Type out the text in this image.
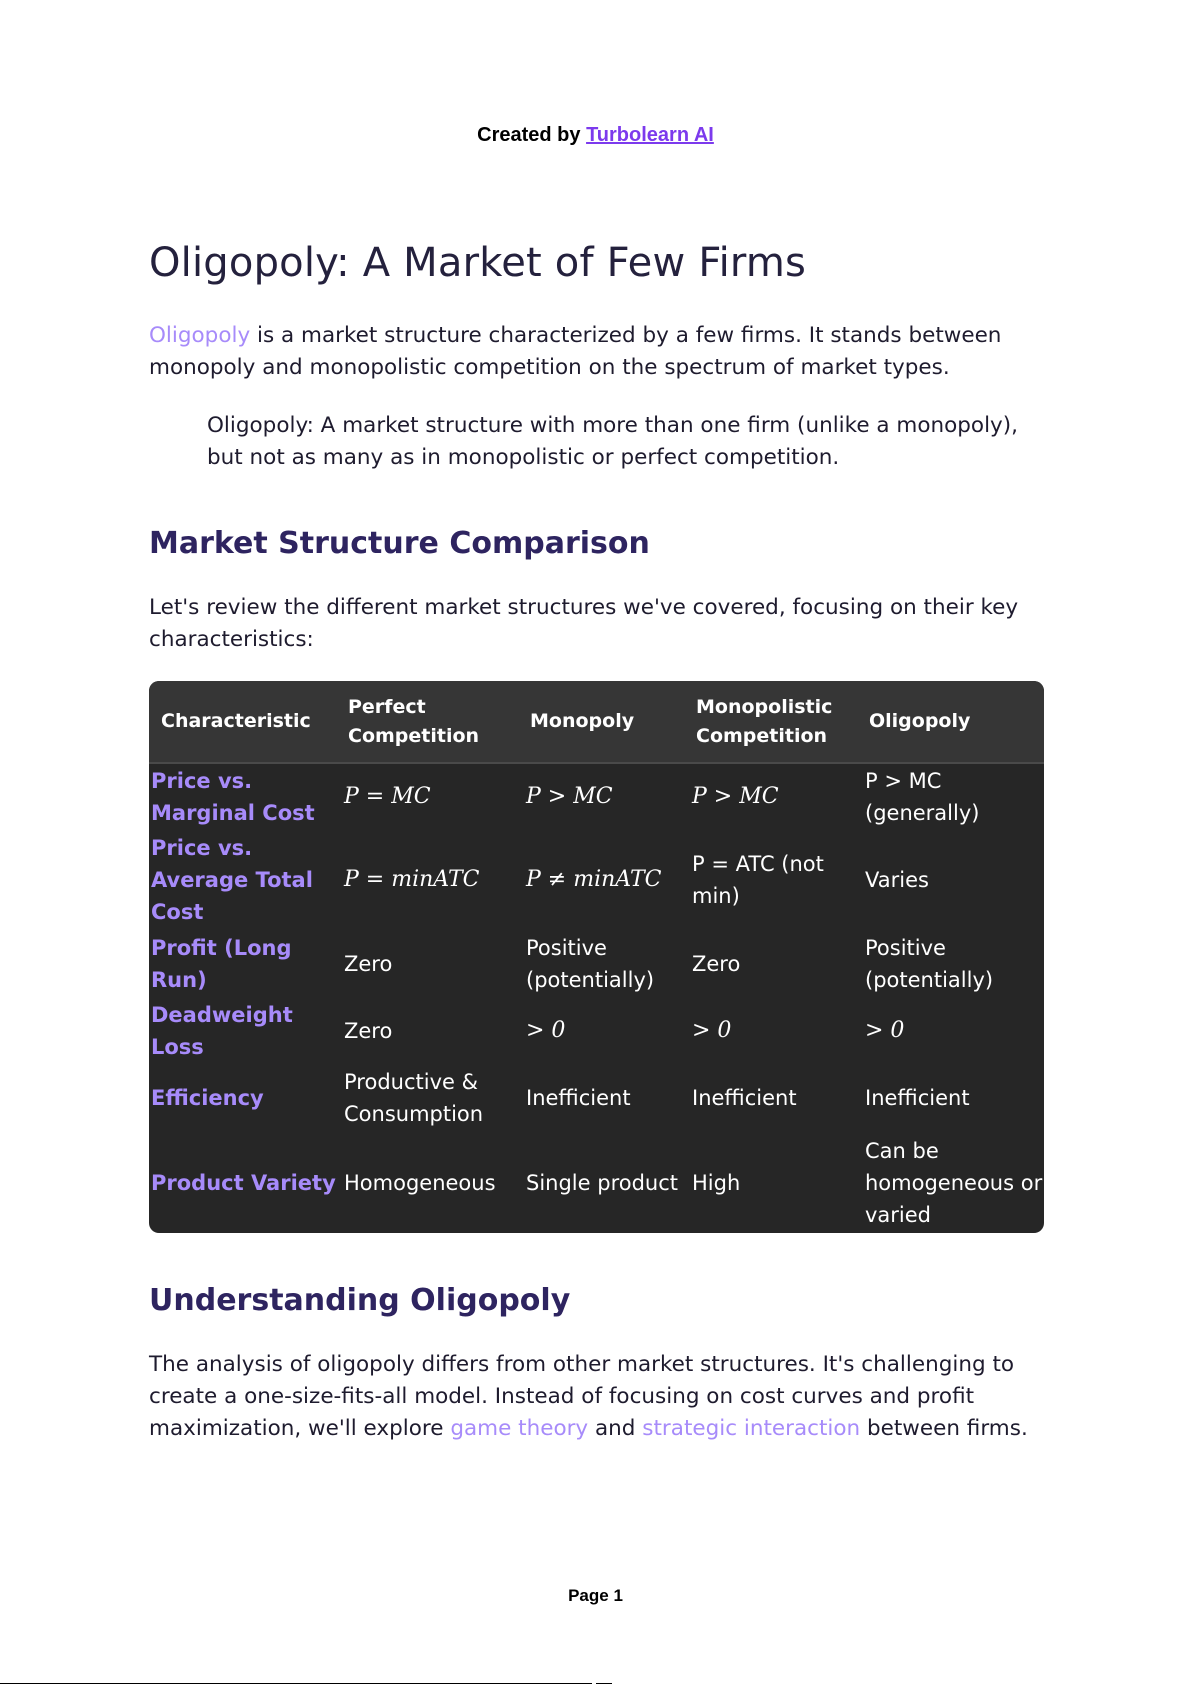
Created by Turbolearn AI
Oligopoly: A Market of Few Firms

Oligopoly is a market structure characterized by a few firms. It stands between monopoly and monopolistic competition on the spectrum of market types.

Oligopoly: A market structure with more than one firm (unlike a monopoly), but not as many as in monopolistic or perfect competition.

Market Structure Comparison

Let's review the different market structures we've covered, focusing on their key characteristics:

Understanding Oligopoly

The analysis of oligopoly differs from other market structures. It's challenging to create a one-size-fits-all model. Instead of focusing on cost curves and profit maximization, we'll explore game theory and strategic interaction between firms.

Characteristic	Perfect Competition	Monopoly	Monopolistic Competition	Oligopoly
Price vs. Marginal Cost	P = MC	P > MC	P > MC	P > MC (generally)
Price vs. Average Total Cost	P = minATC	P ≠ minATC	P = ATC (not min)	Varies
Profit (Long Run)	Zero	Positive (potentially)	Zero	Positive (potentially)
Deadweight Loss	Zero	> 0	> 0	> 0
Efficiency	Productive & Consumption	Inefficient	Inefficient	Inefficient
Product Variety	Homogeneous	Single product	High	Can be homogeneous or varied
Page 1
